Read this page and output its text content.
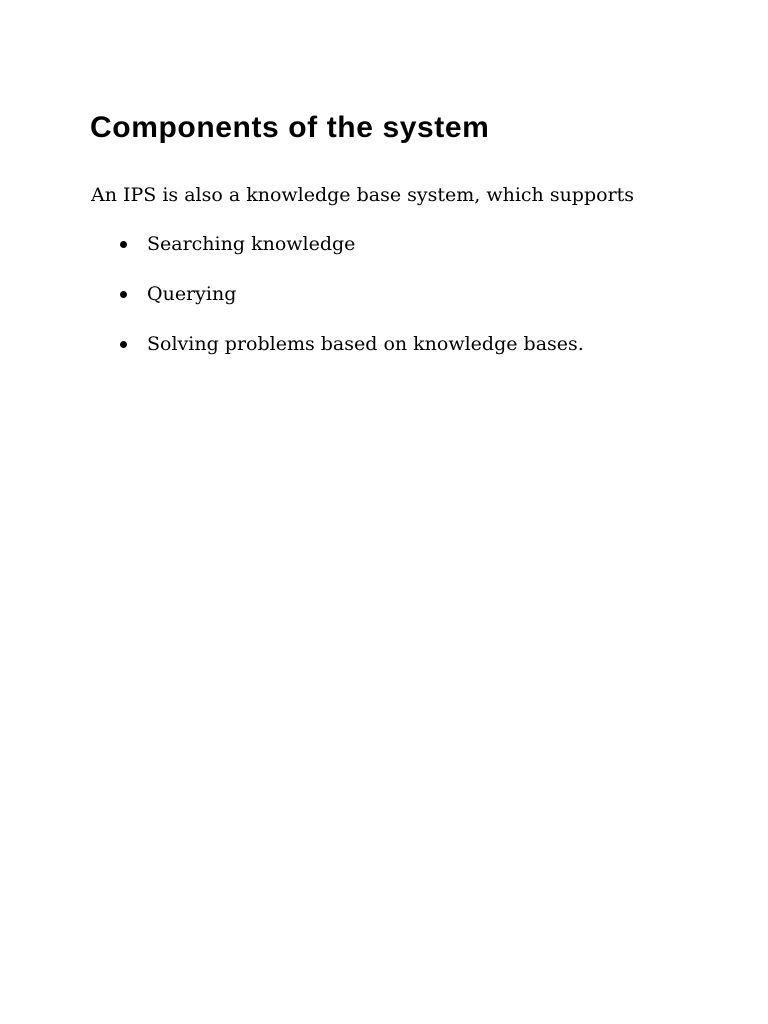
Components of the system

An IPS is also a knowledge base system, which supports

Searching knowledge
Querying
Solving problems based on knowledge bases.
